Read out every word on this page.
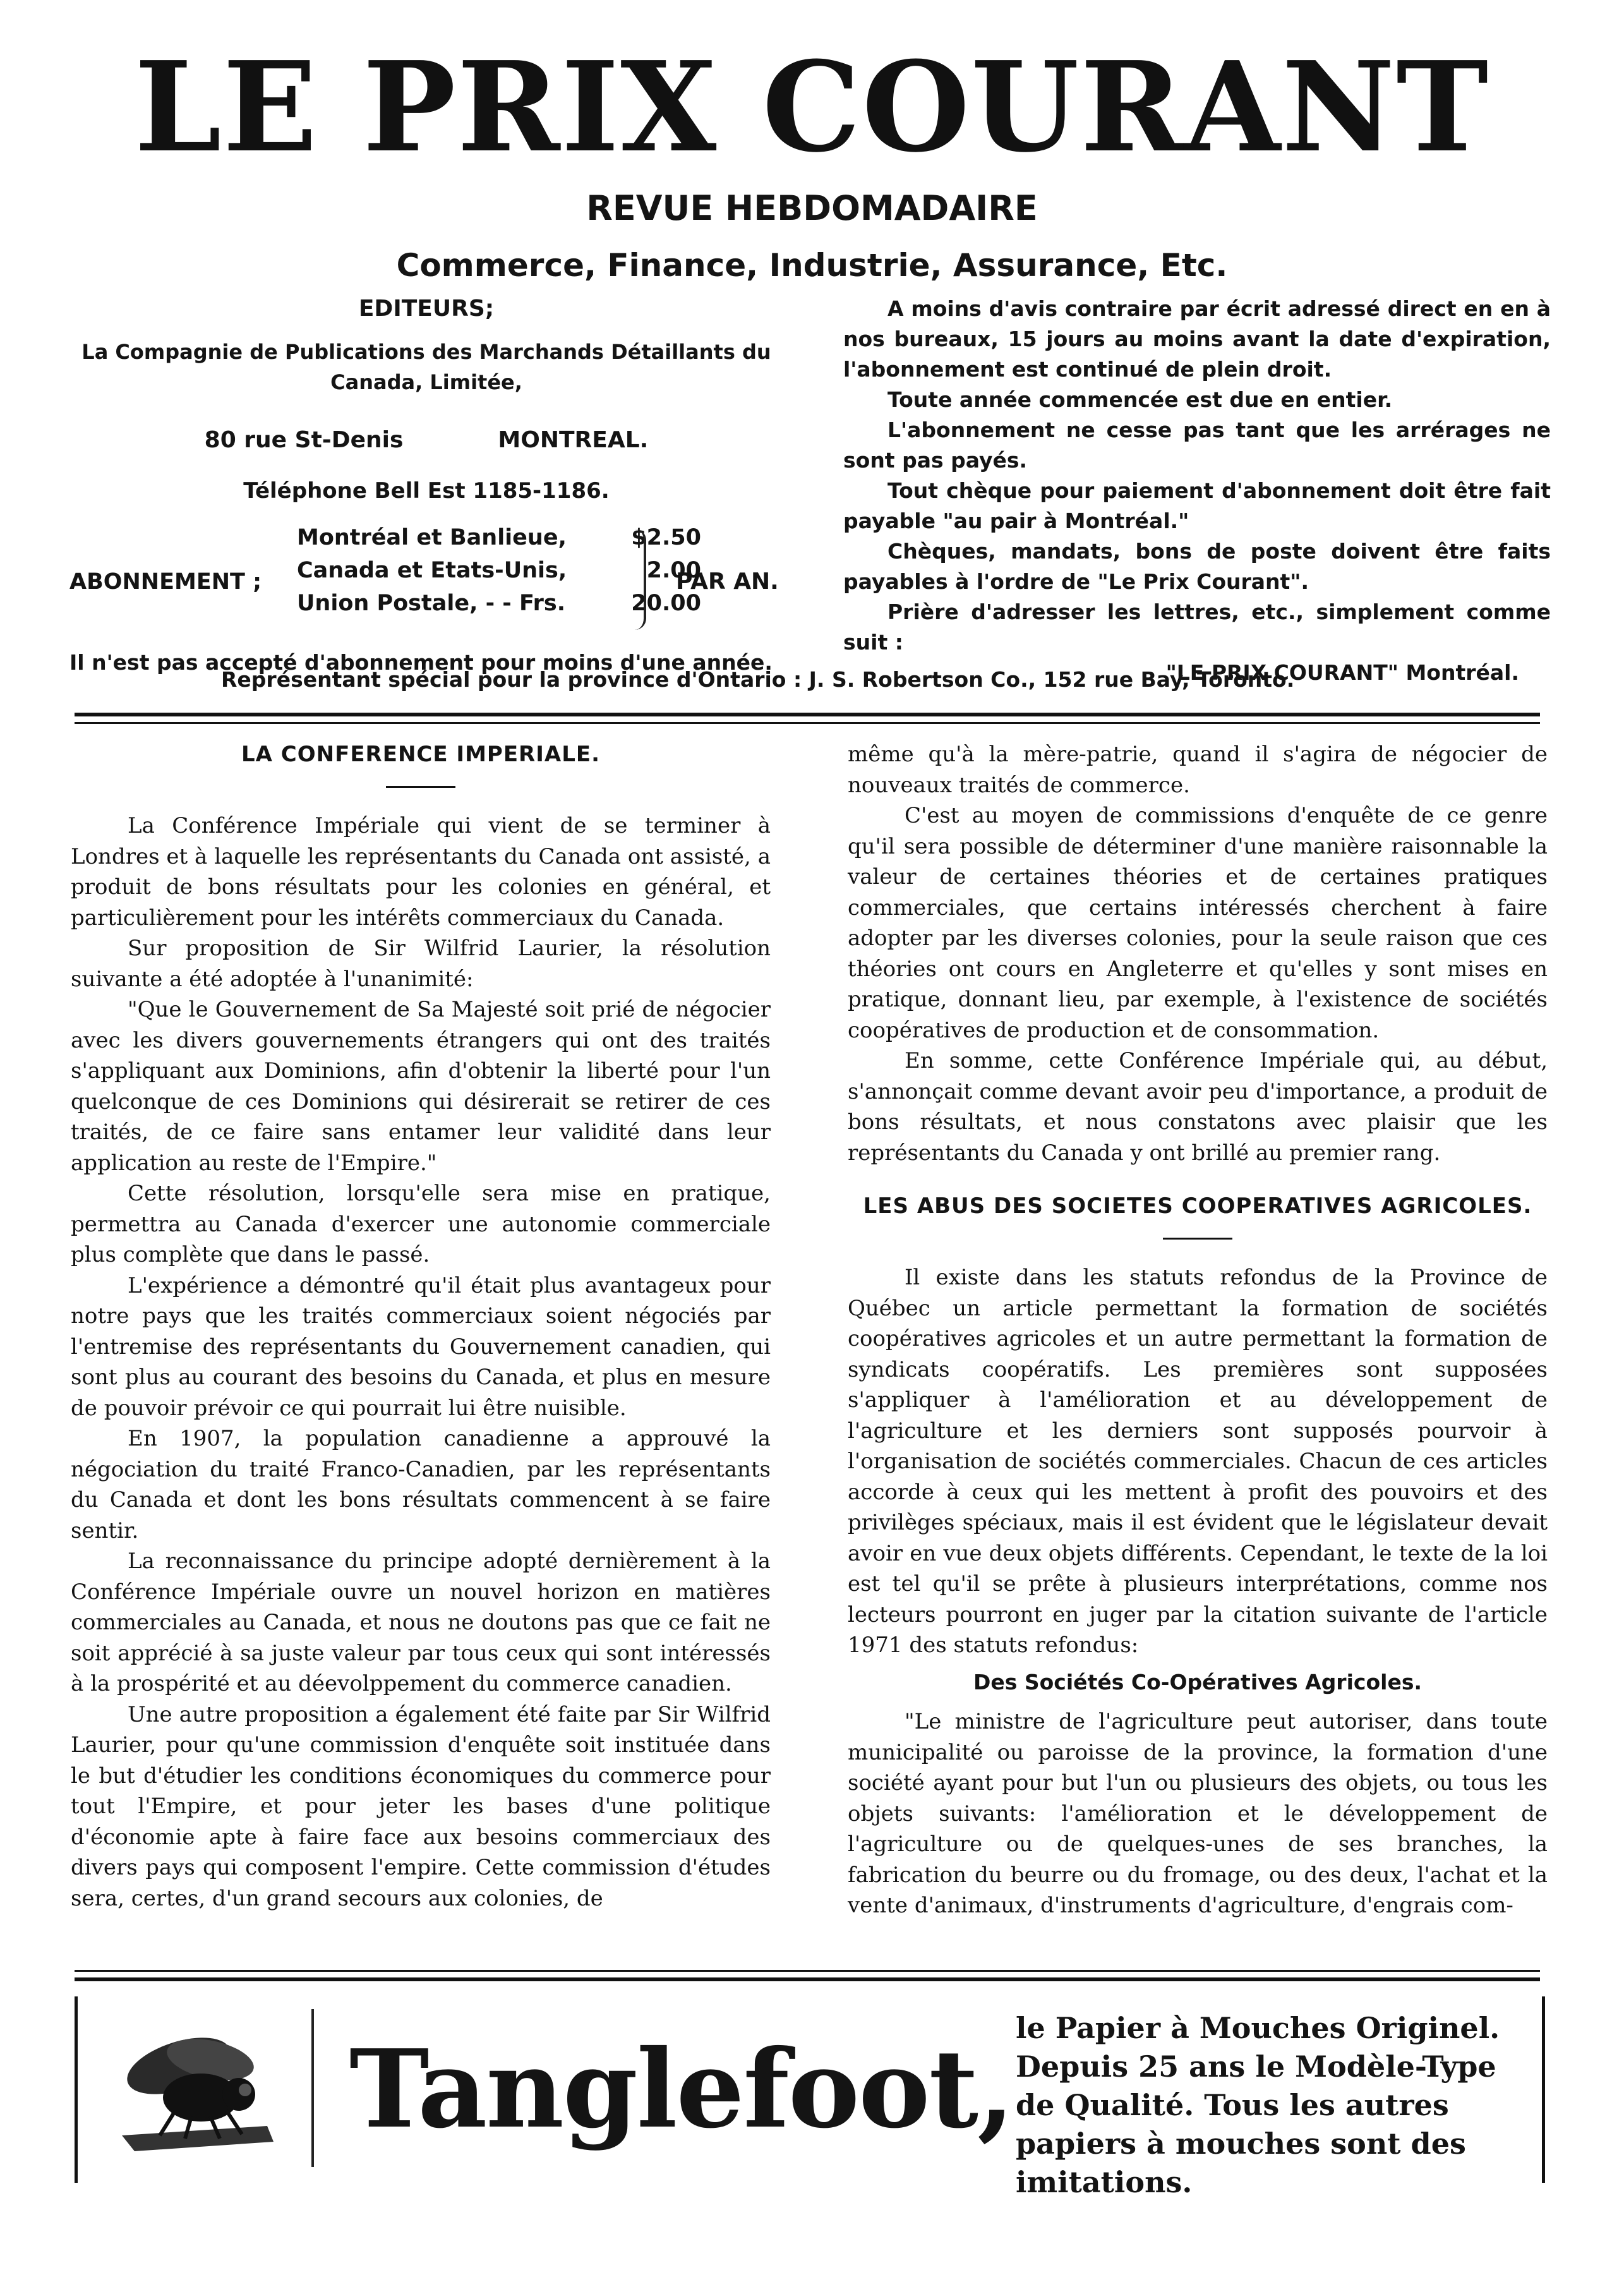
LE PRIX COURANT
REVUE HEBDOMADAIRE
Commerce, Finance, Industrie, Assurance, Etc.
EDITEURS;
La Compagnie de Publications des Marchands Détaillants du Canada, Limitée,
80 rue St-Denis	MONTREAL.
Téléphone Bell Est 1185-1186.
ABONNEMENT ;
Montréal et Banlieue,	$2.50
Canada et Etats-Unis,	2.00
Union Postale, - - Frs.	20.00
PAR AN.
Il n'est pas accepté d'abonnement pour moins d'une année.
Représentant spécial pour la province d'Ontario : J. S. Robertson Co., 152 rue Bay, Toronto.

A moins d'avis contraire par écrit adressé direct en en à nos bureaux, 15 jours au moins avant la date d'expiration, l'abonnement est continué de plein droit.

Toute année commencée est due en entier.

L'abonnement ne cesse pas tant que les arrérages ne sont pas payés.

Tout chèque pour paiement d'abonnement doit être fait payable "au pair à Montréal."

Chèques, mandats, bons de poste doivent être faits payables à l'ordre de "Le Prix Courant".

Prière d'adresser les lettres, etc., simplement comme suit :

"LE PRIX COURANT" Montréal.

LA CONFERENCE IMPERIALE.

La Conférence Impériale qui vient de se terminer à Londres et à laquelle les représentants du Canada ont assisté, a produit de bons résultats pour les colonies en général, et particulièrement pour les intérêts commerciaux du Canada.

Sur proposition de Sir Wilfrid Laurier, la résolution suivante a été adoptée à l'unanimité:

"Que le Gouvernement de Sa Majesté soit prié de négocier avec les divers gouvernements étrangers qui ont des traités s'appliquant aux Dominions, afin d'obtenir la liberté pour l'un quelconque de ces Dominions qui désirerait se retirer de ces traités, de ce faire sans entamer leur validité dans leur application au reste de l'Empire."

Cette résolution, lorsqu'elle sera mise en pratique, permettra au Canada d'exercer une autonomie commerciale plus complète que dans le passé.

L'expérience a démontré qu'il était plus avantageux pour notre pays que les traités commerciaux soient négociés par l'entremise des représentants du Gouvernement canadien, qui sont plus au courant des besoins du Canada, et plus en mesure de pouvoir prévoir ce qui pourrait lui être nuisible.

En 1907, la population canadienne a approuvé la négociation du traité Franco-Canadien, par les représentants du Canada et dont les bons résultats commencent à se faire sentir.

La reconnaissance du principe adopté dernièrement à la Conférence Impériale ouvre un nouvel horizon en matières commerciales au Canada, et nous ne doutons pas que ce fait ne soit apprécié à sa juste valeur par tous ceux qui sont intéressés à la prospérité et au déevolppement du commerce canadien.

Une autre proposition a également été faite par Sir Wilfrid Laurier, pour qu'une commission d'enquête soit instituée dans le but d'étudier les conditions économiques du commerce pour tout l'Empire, et pour jeter les bases d'une politique d'économie apte à faire face aux besoins commerciaux des divers pays qui composent l'empire. Cette commission d'études sera, certes, d'un grand secours aux colonies, de

même qu'à la mère-patrie, quand il s'agira de négocier de nouveaux traités de commerce.

C'est au moyen de commissions d'enquête de ce genre qu'il sera possible de déterminer d'une manière raisonnable la valeur de certaines théories et de certaines pratiques commerciales, que certains intéressés cherchent à faire adopter par les diverses colonies, pour la seule raison que ces théories ont cours en Angleterre et qu'elles y sont mises en pratique, donnant lieu, par exemple, à l'existence de sociétés coopératives de production et de consommation.

En somme, cette Conférence Impériale qui, au début, s'annonçait comme devant avoir peu d'importance, a produit de bons résultats, et nous constatons avec plaisir que les représentants du Canada y ont brillé au premier rang.

LES ABUS DES SOCIETES COOPERATIVES AGRICOLES.

Il existe dans les statuts refondus de la Province de Québec un article permettant la formation de sociétés coopératives agricoles et un autre permettant la formation de syndicats coopératifs. Les premières sont supposées s'appliquer à l'amélioration et au développement de l'agriculture et les derniers sont supposés pourvoir à l'organisation de sociétés commerciales. Chacun de ces articles accorde à ceux qui les mettent à profit des pouvoirs et des privilèges spéciaux, mais il est évident que le législateur devait avoir en vue deux objets différents. Cependant, le texte de la loi est tel qu'il se prête à plusieurs interprétations, comme nos lecteurs pourront en juger par la citation suivante de l'article 1971 des statuts refondus:

Des Sociétés Co-Opératives Agricoles.

"Le ministre de l'agriculture peut autoriser, dans toute municipalité ou paroisse de la province, la formation d'une société ayant pour but l'un ou plusieurs des objets, ou tous les objets suivants: l'amélioration et le développement de l'agriculture ou de quelques-unes de ses branches, la fabrication du beurre ou du fromage, ou des deux, l'achat et la vente d'animaux, d'instruments d'agriculture, d'engrais com-

Tanglefoot, le Papier à Mouches Originel. Depuis 25 ans le Modèle-Type de Qualité. Tous les autres papiers à mouches sont des imitations.
